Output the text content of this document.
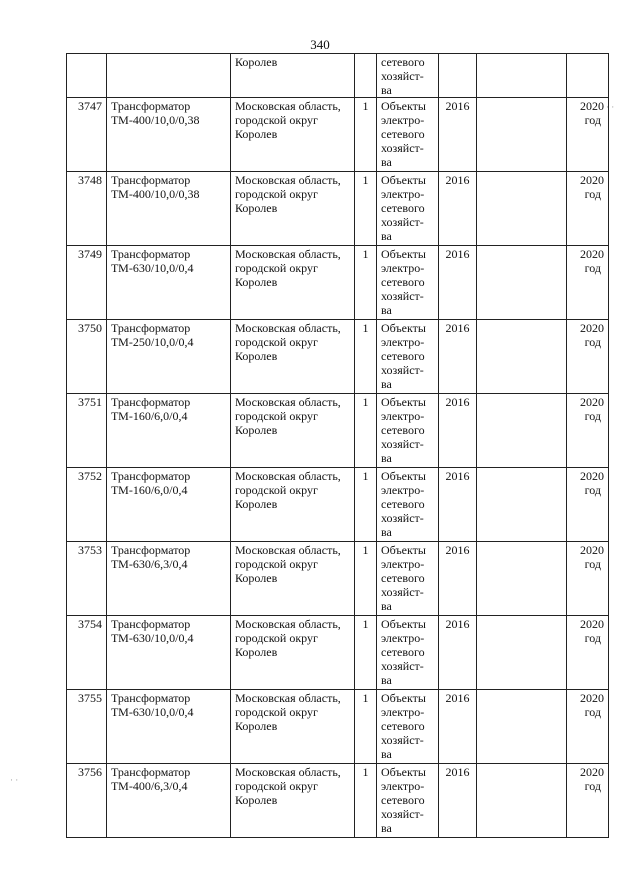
340
		Королев		сетевого
хозяйст-
ва			

3747	Трансформатор
ТМ-400/10,0/0,38	Московская область,
городской округ
Королев	1	Объекты
электро-
сетевого
хозяйст-
ва	2016		2020
год

3748	Трансформатор
ТМ-400/10,0/0,38	Московская область,
городской округ
Королев	1	Объекты
электро-
сетевого
хозяйст-
ва	2016		2020
год

3749	Трансформатор
ТМ-630/10,0/0,4	Московская область,
городской округ
Королев	1	Объекты
электро-
сетевого
хозяйст-
ва	2016		2020
год

3750	Трансформатор
ТМ-250/10,0/0,4	Московская область,
городской округ
Королев	1	Объекты
электро-
сетевого
хозяйст-
ва	2016		2020
год

3751	Трансформатор
ТМ-160/6,0/0,4	Московская область,
городской округ
Королев	1	Объекты
электро-
сетевого
хозяйст-
ва	2016		2020
год

3752	Трансформатор
ТМ-160/6,0/0,4	Московская область,
городской округ
Королев	1	Объекты
электро-
сетевого
хозяйст-
ва	2016		2020
год

3753	Трансформатор
ТМ-630/6,3/0,4	Московская область,
городской округ
Королев	1	Объекты
электро-
сетевого
хозяйст-
ва	2016		2020
год

3754	Трансформатор
ТМ-630/10,0/0,4	Московская область,
городской округ
Королев	1	Объекты
электро-
сетевого
хозяйст-
ва	2016		2020
год

3755	Трансформатор
ТМ-630/10,0/0,4	Московская область,
городской округ
Королев	1	Объекты
электро-
сетевого
хозяйст-
ва	2016		2020
год

3756	Трансформатор
ТМ-400/6,3/0,4	Московская область,
городской округ
Королев	1	Объекты
электро-
сетевого
хозяйст-
ва	2016		2020
год
· ·
· ·
